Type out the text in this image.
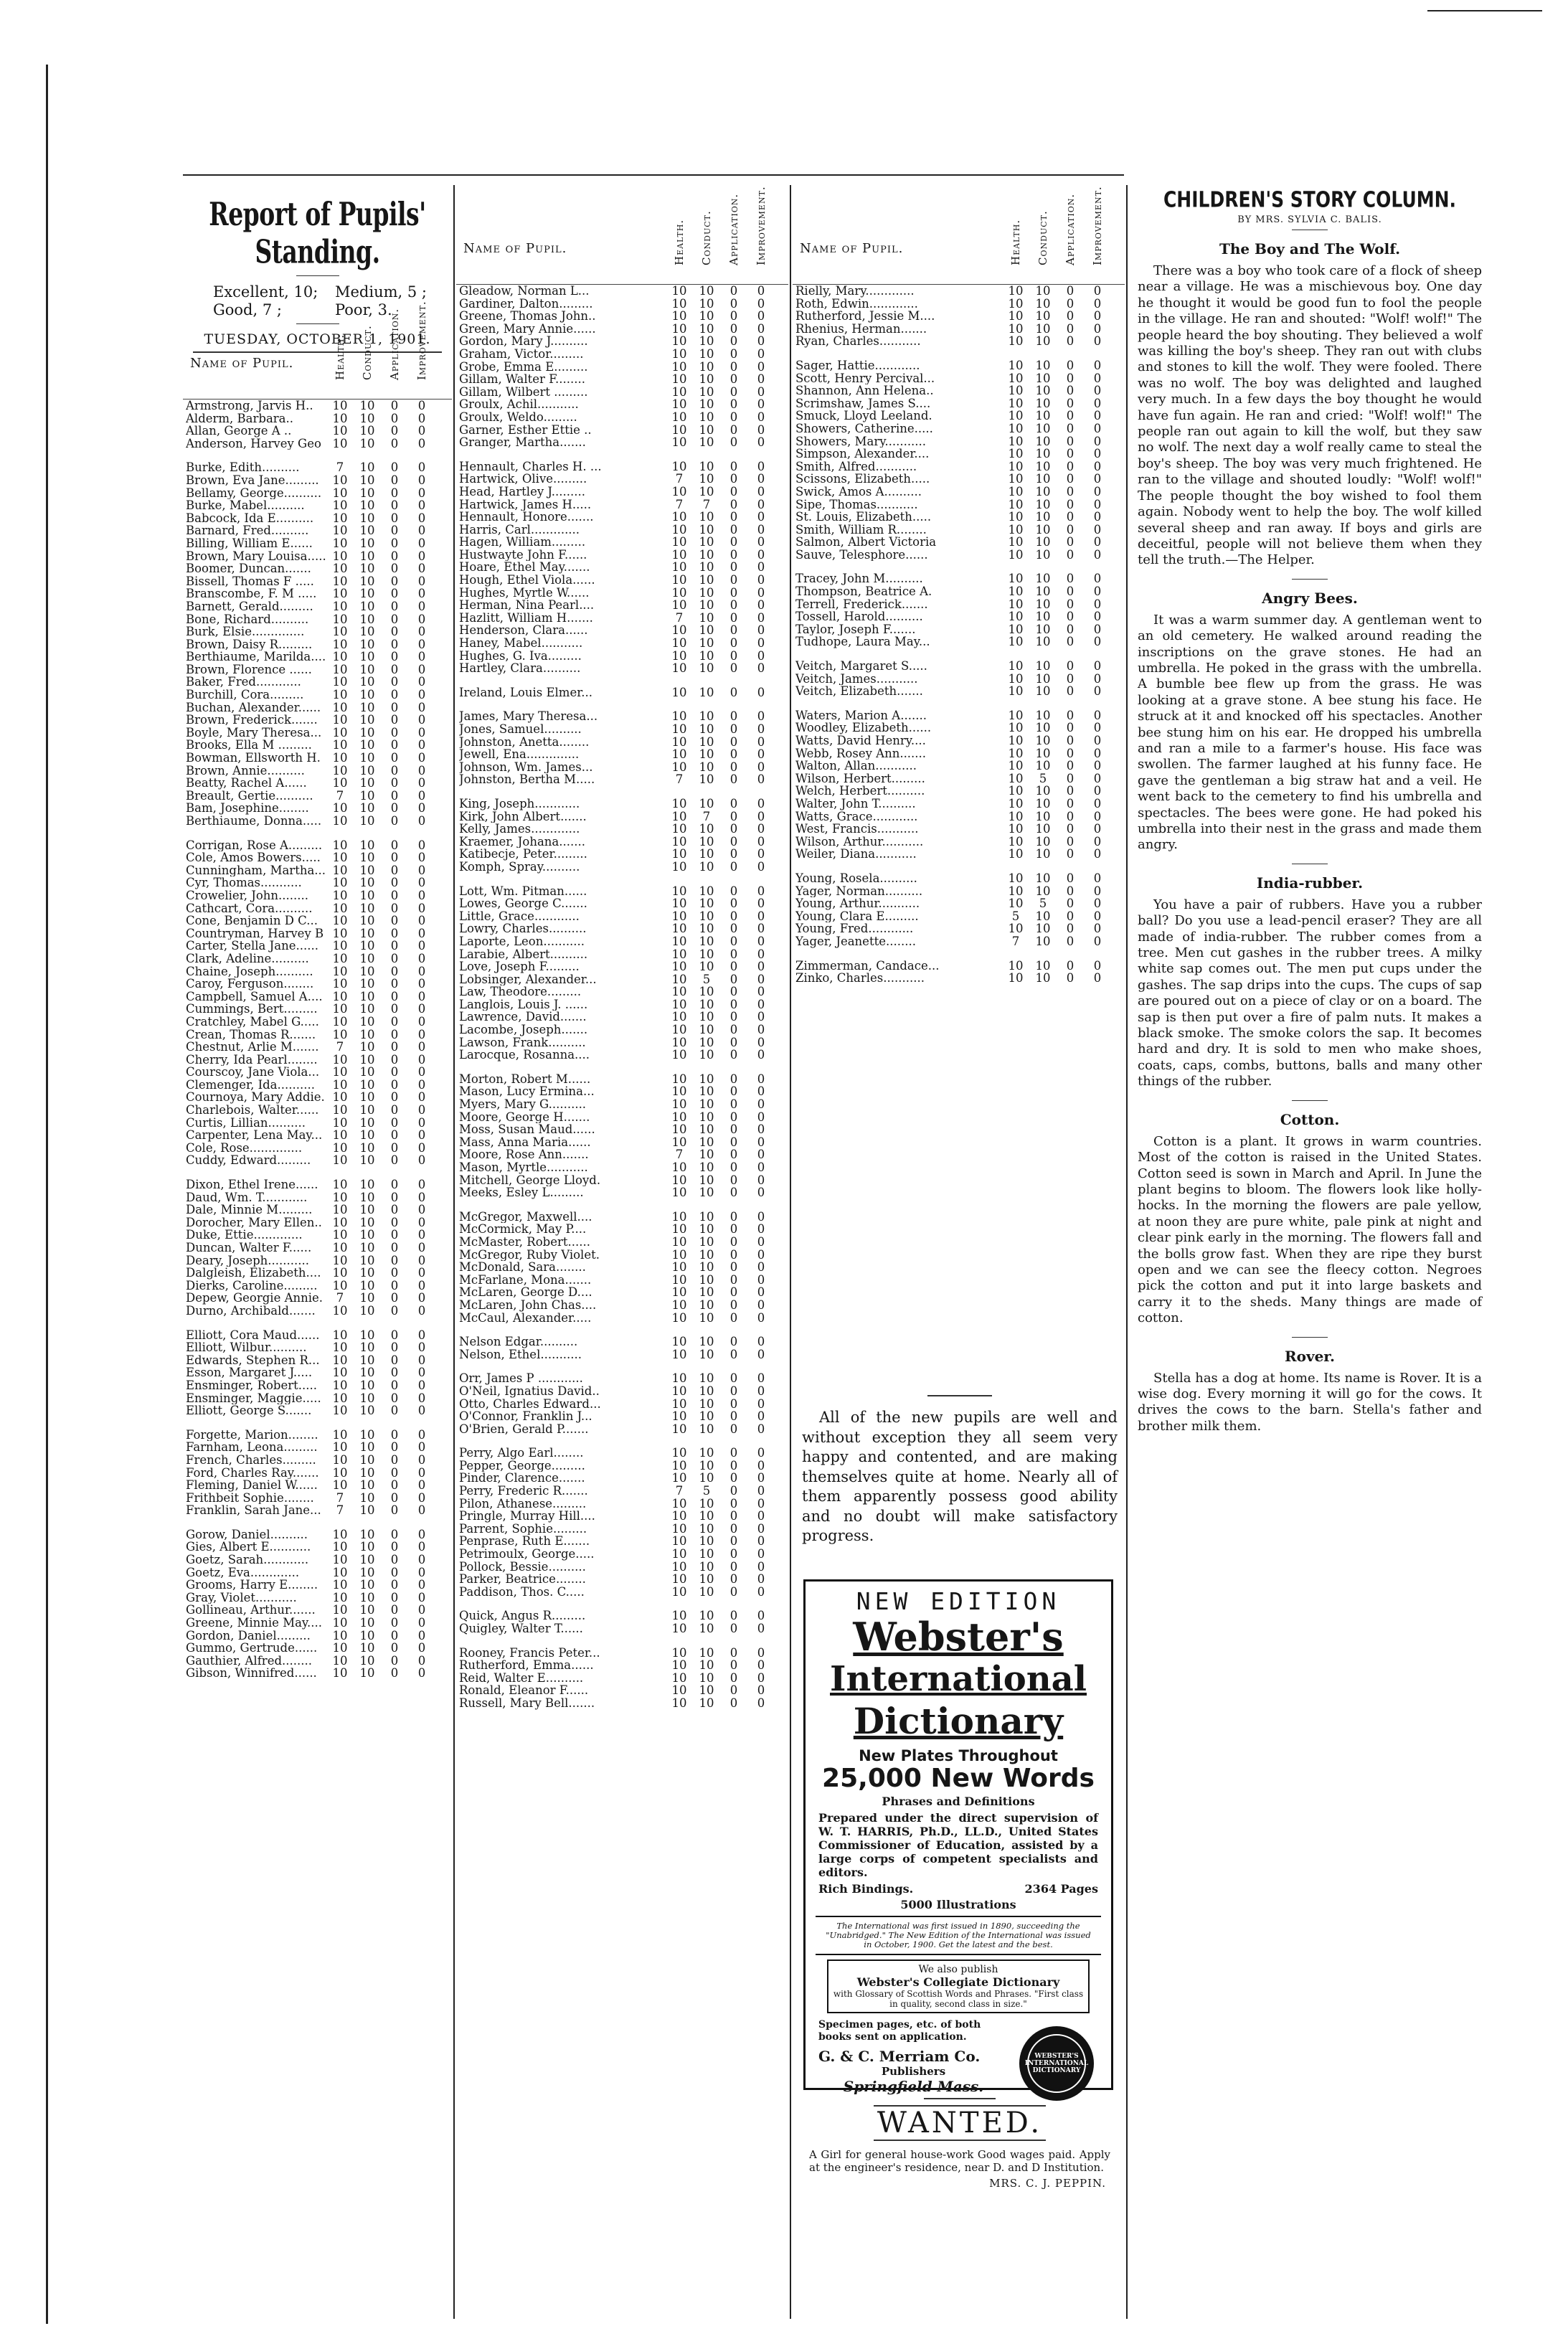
Report of Pupils' Standing.
Excellent, 10; Medium, 5 ;
Good, 7 ;	Poor, 3.
TUESDAY, OCTOBER 1, 1901.
Name of Pupil.	Health. Conduct. Application. Improvement.
Armstrong, Jarvis H..	10	10	0	0
Alderm, Barbara..	10	10	0	0
Allan, George A ..	10	10	0	0
Anderson, Harvey Geo 10	10	0	0
Burke, Edith..........	7	10	0	0
Brown, Eva Jane.........	10	10	0	0
Bellamy, George.......... 10	10	0	0
Burke, Mabel..........	10	10	0	0
Babcock, Ida E..........	10	10	0	0
Barnard, Fred..........	10	10	0	0
Billing, William E......	10	10	0	0
Brown, Mary Louisa..... 10	10	0	0
Boomer, Duncan.......	10	10	0	0
Bissell, Thomas F .....	10	10	0	0
Branscombe, F. M .....	10	10	0	0
Barnett, Gerald.........	10	10	0	0
Bone, Richard..........	10	10	0	0
Burk, Elsie..............	10	10	0	0
Brown, Daisy R.........	10	10	0	0
Berthiaume, Marilda.... 10	10	0	0
Brown, Florence ......	10	10	0	0
Baker, Fred............	10	10	0	0
Burchill, Cora.........	10	10	0	0
Buchan, Alexander...... 10	10	0	0
Brown, Frederick.......	10	10	0	0
Boyle, Mary Theresa... 10	10	0	0
Brooks, Ella M .........	10	10	0	0
Bowman, Ellsworth H.	10	10	0	0
Brown, Annie..........	10	10	0	0
Beatty, Rachel A......	10	10	0	0
Breault, Gertie..........	7	10	0	0
Bam, Josephine........	10	10	0	0
Berthiaume, Donna..... 10	10	0	0
Corrigan, Rose A......... 10	10	0	0
Cole, Amos Bowers.....	10	10	0	0
Cunningham, Martha... 10	10	0	0
Cyr, Thomas...........	10	10	0	0
Crowelier, John........	10	10	0	0
Cathcart, Cora..........	10	10	0	0
Cone, Benjamin D C...	10	10	0	0
Countryman, Harvey B 10	10	0	0
Carter, Stella Jane......	10	10	0	0
Clark, Adeline..........	10	10	0	0
Chaine, Joseph..........	10	10	0	0
Caroy, Ferguson........	10	10	0	0
Campbell, Samuel A.... 10	10	0	0
Cummings, Bert.........	10	10	0	0
Cratchley, Mabel G.....	10	10	0	0
Crean, Thomas R.......	10	10	0	0
Chestnut, Arlie M.......	7	10	0	0
Cherry, Ida Pearl........	10	10	0	0
Courscoy, Jane Viola...	10	10	0	0
Clemenger, Ida..........	10	10	0	0
Cournoya, Mary Addie. 10	10	0	0
Charlebois, Walter......	10	10	0	0
Curtis, Lillian..........	10	10	0	0
Carpenter, Lena May... 10	10	0	0
Cole, Rose..............	10	10	0	0
Cuddy, Edward.........	10	10	0	0
Dixon, Ethel Irene......	10	10	0	0
Daud, Wm. T............	10	10	0	0
Dale, Minnie M.........	10	10	0	0
Dorocher, Mary Ellen.. 10	10	0	0
Duke, Ettie.............	10	10	0	0
Duncan, Walter F......	10	10	0	0
Deary, Joseph...........	10	10	0	0
Dalgleish, Elizabeth.... 10	10	0	0
Dierks, Caroline.........	10	10	0	0
Depew, Georgie Annie.	7	10	0	0
Durno, Archibald.......	10	10	0	0
Elliott, Cora Maud......	10	10	0	0
Elliott, Wilbur..........	10	10	0	0
Edwards, Stephen R...	10	10	0	0
Esson, Margaret J.....	10	10	0	0
Ensminger, Robert.....	10	10	0	0
Ensminger, Maggie..... 10	10	0	0
Elliott, George S.......	10	10	0	0
Forgette, Marion........	10	10	0	0
Farnham, Leona.........	10	10	0	0
French, Charles.........	10	10	0	0
Ford, Charles Ray.......	10	10	0	0
Fleming, Daniel W......	10	10	0	0
Frithbeit Sophie........	7	10	0	0
Franklin, Sarah Jane...	7	10	0	0
Gorow, Daniel..........	10	10	0	0
Gies, Albert E...........	10	10	0	0
Goetz, Sarah............	10	10	0	0
Goetz, Eva.............	10	10	0	0
Grooms, Harry E........	10	10	0	0
Gray, Violet...........	10	10	0	0
Gollineau, Arthur.......	10	10	0	0
Greene, Minnie May.... 10	10	0	0
Gordon, Daniel.........	10	10	0	0
Gummo, Gertrude......	10	10	0	0
Gauthier, Alfred........	10	10	0	0
Gibson, Winnifred......	10	10	0	0
Name of Pupil.	Health. Conduct. Application. Improvement.
Gleadow, Norman L...	10	10	0	0
Gardiner, Dalton.........	10	10	0	0
Greene, Thomas John..	10	10	0	0
Green, Mary Annie......	10	10	0	0
Gordon, Mary J..........	10	10	0	0
Graham, Victor.........	10	10	0	0
Grobe, Emma E.........	10	10	0	0
Gillam, Walter F........	10	10	0	0
Gillam, Wilbert .........	10	10	0	0
Groulx, Achil...........	10	10	0	0
Groulx, Weldo.........	10	10	0	0
Garner, Esther Ettie ..	10	10	0	0
Granger, Martha.......	10	10	0	0
Hennault, Charles H. ...	10	10	0	0
Hartwick, Olive.........	7	10	0	0
Head, Hartley J.........	10	10	0	0
Hartwick, James H.....	7	7	0	0
Hennault, Honore.......	10	10	0	0
Harris, Carl.............	10	10	0	0
Hagen, William.........	10	10	0	0
Hustwayte John F......	10	10	0	0
Hoare, Ethel May.......	10	10	0	0
Hough, Ethel Viola......	10	10	0	0
Hughes, Myrtle W......	10	10	0	0
Herman, Nina Pearl....	10	10	0	0
Hazlitt, William H.......	7	10	0	0
Henderson, Clara......	10	10	0	0
Haney, Mabel...........	10	10	0	0
Hughes, G. Iva.........	10	10	0	0
Hartley, Clara..........	10	10	0	0
Ireland, Louis Elmer...	10	10	0	0
James, Mary Theresa...	10	10	0	0
Jones, Samuel..........	10	10	0	0
Johnston, Anetta........	10	10	0	0
Jewell, Ena..............	10	10	0	0
Johnson, Wm. James...	10	10	0	0
Johnston, Bertha M.....	7	10	0	0
King, Joseph............	10	10	0	0
Kirk, John Albert.......	10	7	0	0
Kelly, James.............	10	10	0	0
Kraemer, Johana.......	10	10	0	0
Katibecje, Peter.........	10	10	0	0
Komph, Spray..........	10	10	0	0
Lott, Wm. Pitman......	10	10	0	0
Lowes, George C.......	10	10	0	0
Little, Grace............	10	10	0	0
Lowry, Charles..........	10	10	0	0
Laporte, Leon...........	10	10	0	0
Larabie, Albert..........	10	10	0	0
Love, Joseph F.........	10	10	0	0
Lobsinger, Alexander...	10	5	0	0
Law, Theodore.........	10	10	0	0
Langlois, Louis J. ......	10	10	0	0
Lawrence, David.......	10	10	0	0
Lacombe, Joseph.......	10	10	0	0
Lawson, Frank..........	10	10	0	0
Larocque, Rosanna....	10	10	0	0
Morton, Robert M......	10	10	0	0
Mason, Lucy Ermina...	10	10	0	0
Myers, Mary G..........	10	10	0	0
Moore, George H.......	10	10	0	0
Moss, Susan Maud......	10	10	0	0
Mass, Anna Maria......	10	10	0	0
Moore, Rose Ann.......	7	10	0	0
Mason, Myrtle...........	10	10	0	0
Mitchell, George Lloyd.	10	10	0	0
Meeks, Esley L.........	10	10	0	0
McGregor, Maxwell....	10	10	0	0
McCormick, May P....	10	10	0	0
McMaster, Robert......	10	10	0	0
McGregor, Ruby Violet.	10	10	0	0
McDonald, Sara........	10	10	0	0
McFarlane, Mona.......	10	10	0	0
McLaren, George D....	10	10	0	0
McLaren, John Chas....	10	10	0	0
McCaul, Alexander.....	10	10	0	0
Nelson Edgar..........	10	10	0	0
Nelson, Ethel...........	10	10	0	0
Orr, James P ............	10	10	0	0
O'Neil, Ignatius David..	10	10	0	0
Otto, Charles Edward...	10	10	0	0
O'Connor, Franklin J...	10	10	0	0
O'Brien, Gerald P.......	10	10	0	0
Perry, Algo Earl........	10	10	0	0
Pepper, George.........	10	10	0	0
Pinder, Clarence.......	10	10	0	0
Perry, Frederic R.......	7	5	0	0
Pilon, Athanese.........	10	10	0	0
Pringle, Murray Hill....	10	10	0	0
Parrent, Sophie.........	10	10	0	0
Penprase, Ruth E.......	10	10	0	0
Petrimoulx, George.....	10	10	0	0
Pollock, Bessie..........	10	10	0	0
Parker, Beatrice........	10	10	0	0
Paddison, Thos. C.....	10	10	0	0
Quick, Angus R.........	10	10	0	0
Quigley, Walter T......	10	10	0	0
Rooney, Francis Peter...	10	10	0	0
Rutherford, Emma......	10	10	0	0
Reid, Walter E..........	10	10	0	0
Ronald, Eleanor F......	10	10	0	0
Russell, Mary Bell.......	10	10	0	0
Name of Pupil.	Health. Conduct. Application. Improvement.
Rielly, Mary.............	10	10	0	0
Roth, Edwin.............	10	10	0	0
Rutherford, Jessie M....	10	10	0	0
Rhenius, Herman.......	10	10	0	0
Ryan, Charles...........	10	10	0	0
Sager, Hattie............	10	10	0	0
Scott, Henry Percival...	10	10	0	0
Shannon, Ann Helena..	10	10	0	0
Scrimshaw, James S....	10	10	0	0
Smuck, Lloyd Leeland.	10	10	0	0
Showers, Catherine.....	10	10	0	0
Showers, Mary...........	10	10	0	0
Simpson, Alexander....	10	10	0	0
Smith, Alfred...........	10	10	0	0
Scissons, Elizabeth.....	10	10	0	0
Swick, Amos A..........	10	10	0	0
Sipe, Thomas...........	10	10	0	0
St. Louis, Elizabeth.....	10	10	0	0
Smith, William R........	10	10	0	0
Salmon, Albert Victoria	10	10	0	0
Sauve, Telesphore......	10	10	0	0
Tracey, John M..........	10	10	0	0
Thompson, Beatrice A.	10	10	0	0
Terrell, Frederick.......	10	10	0	0
Tossell, Harold..........	10	10	0	0
Taylor, Joseph F.......	10	10	0	0
Tudhope, Laura May...	10	10	0	0
Veitch, Margaret S.....	10	10	0	0
Veitch, James...........	10	10	0	0
Veitch, Elizabeth.......	10	10	0	0
Waters, Marion A.......	10	10	0	0
Woodley, Elizabeth......	10	10	0	0
Watts, David Henry....	10	10	0	0
Webb, Rosey Ann.......	10	10	0	0
Walton, Allan...........	10	10	0	0
Wilson, Herbert.........	10	5	0	0
Welch, Herbert..........	10	10	0	0
Walter, John T..........	10	10	0	0
Watts, Grace............	10	10	0	0
West, Francis...........	10	10	0	0
Wilson, Arthur...........	10	10	0	0
Weiler, Diana...........	10	10	0	0
Young, Rosela..........	10	10	0	0
Yager, Norman..........	10	10	0	0
Young, Arthur...........	10	5	0	0
Young, Clara E.........	5	10	0	0
Young, Fred............	10	10	0	0
Yager, Jeanette........	7	10	0	0
Zimmerman, Candace...	10	10	0	0
Zinko, Charles...........	10	10	0	0

All of the new pupils are well and without exception they all seem very happy and contented, and are making themselves quite at home. Nearly all of them apparently possess good ability and no doubt will make satisfactory progress.

NEW EDITION
Webster's
International
Dictionary
New Plates Throughout
25,000 New Words
Phrases and Definitions
Prepared under the direct supervision of W. T. HARRIS, Ph.D., LL.D., United States Commissioner of Education, assisted by a large corps of competent specialists and editors.
Rich Bindings.	2364 Pages
5000 Illustrations
The International was first issued in 1890, succeeding the "Unabridged." The New Edition of the International was issued in October, 1900. Get the latest and the best.
We also publish
Webster's Collegiate Dictionary
with Glossary of Scottish Words and Phrases. "First class in quality, second class in size."
Specimen pages, etc. of both books sent on application.
G. & C. Merriam Co.
Publishers
Springfield Mass.
WEBSTER'S INTERNATIONAL DICTIONARY
WANTED.
A Girl for general house-work Good wages paid. Apply at the engineer's residence, near D. and D Institution.
MRS. C. J. PEPPIN.
CHILDREN'S STORY COLUMN.
BY MRS. SYLVIA C. BALIS.
The Boy and The Wolf.

There was a boy who took care of a flock of sheep near a village. He was a mischievous boy. One day he thought it would be good fun to fool the people in the village. He ran and shouted: "Wolf! wolf!" The people heard the boy shouting. They believed a wolf was killing the boy's sheep. They ran out with clubs and stones to kill the wolf. They were fooled. There was no wolf. The boy was delighted and laughed very much. In a few days the boy thought he would have fun again. He ran and cried: "Wolf! wolf!" The people ran out again to kill the wolf, but they saw no wolf. The next day a wolf really came to steal the boy's sheep. The boy was very much frightened. He ran to the village and shouted loudly: "Wolf! wolf!" The people thought the boy wished to fool them again. Nobody went to help the boy. The wolf killed several sheep and ran away. If boys and girls are deceitful, people will not believe them when they tell the truth.—The Helper.

Angry Bees.

It was a warm summer day. A gentleman went to an old cemetery. He walked around reading the inscriptions on the grave stones. He had an umbrella. He poked in the grass with the umbrella. A bumble bee flew up from the grass. He was looking at a grave stone. A bee stung his face. He struck at it and knocked off his spectacles. Another bee stung him on his ear. He dropped his umbrella and ran a mile to a farmer's house. His face was swollen. The farmer laughed at his funny face. He gave the gentleman a big straw hat and a veil. He went back to the cemetery to find his umbrella and spectacles. The bees were gone. He had poked his umbrella into their nest in the grass and made them angry.

India-rubber.

You have a pair of rubbers. Have you a rubber ball? Do you use a lead-pencil eraser? They are all made of india-rubber. The rubber comes from a tree. Men cut gashes in the rubber trees. A milky white sap comes out. The men put cups under the gashes. The sap drips into the cups. The cups of sap are poured out on a piece of clay or on a board. The sap is then put over a fire of palm nuts. It makes a black smoke. The smoke colors the sap. It becomes hard and dry. It is sold to men who make shoes, coats, caps, combs, buttons, balls and many other things of the rubber.

Cotton.

Cotton is a plant. It grows in warm countries. Most of the cotton is raised in the United States. Cotton seed is sown in March and April. In June the plant begins to bloom. The flowers look like holly-hocks. In the morning the flowers are pale yellow, at noon they are pure white, pale pink at night and clear pink early in the morning. The flowers fall and the bolls grow fast. When they are ripe they burst open and we can see the fleecy cotton. Negroes pick the cotton and put it into large baskets and carry it to the sheds. Many things are made of cotton.

Rover.

Stella has a dog at home. Its name is Rover. It is a wise dog. Every morning it will go for the cows. It drives the cows to the barn. Stella's father and brother milk them.
